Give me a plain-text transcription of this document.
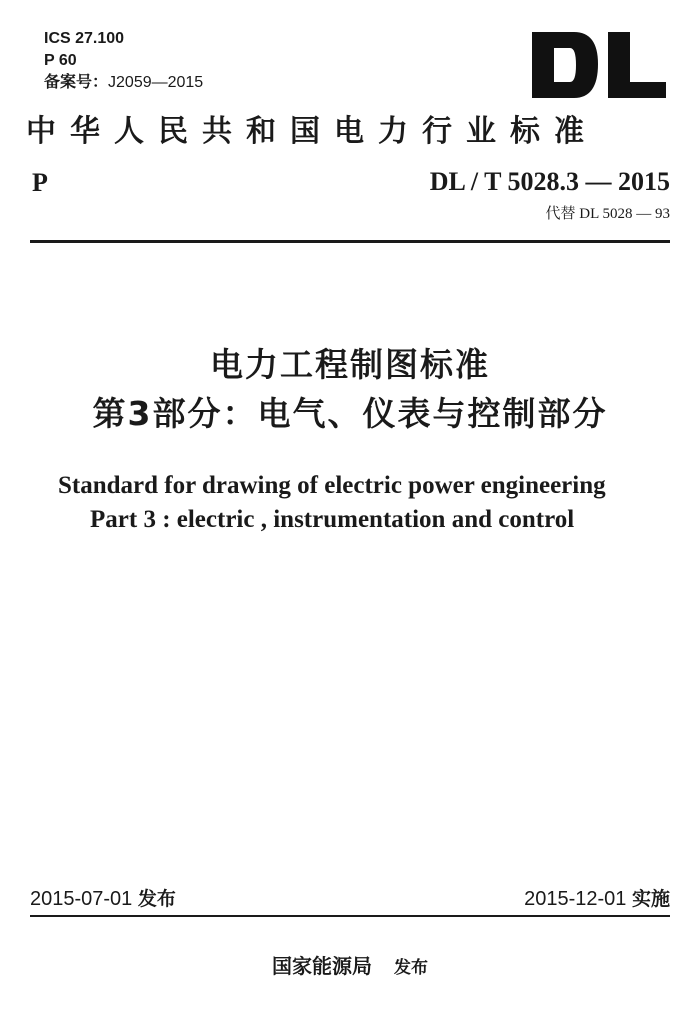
ICS 27.100
P 60
备案号：J2059—2015
中华人民共和国电力行业标准
P	DL / T 5028.3 — 2015
代替 DL 5028 — 93
电力工程制图标准
第3部分：电气、仪表与控制部分
Standard for drawing of electric power engineering
Part 3 : electric , instrumentation and control
2015-07-01 发布	2015-12-01 实施
国家能源局 发布
